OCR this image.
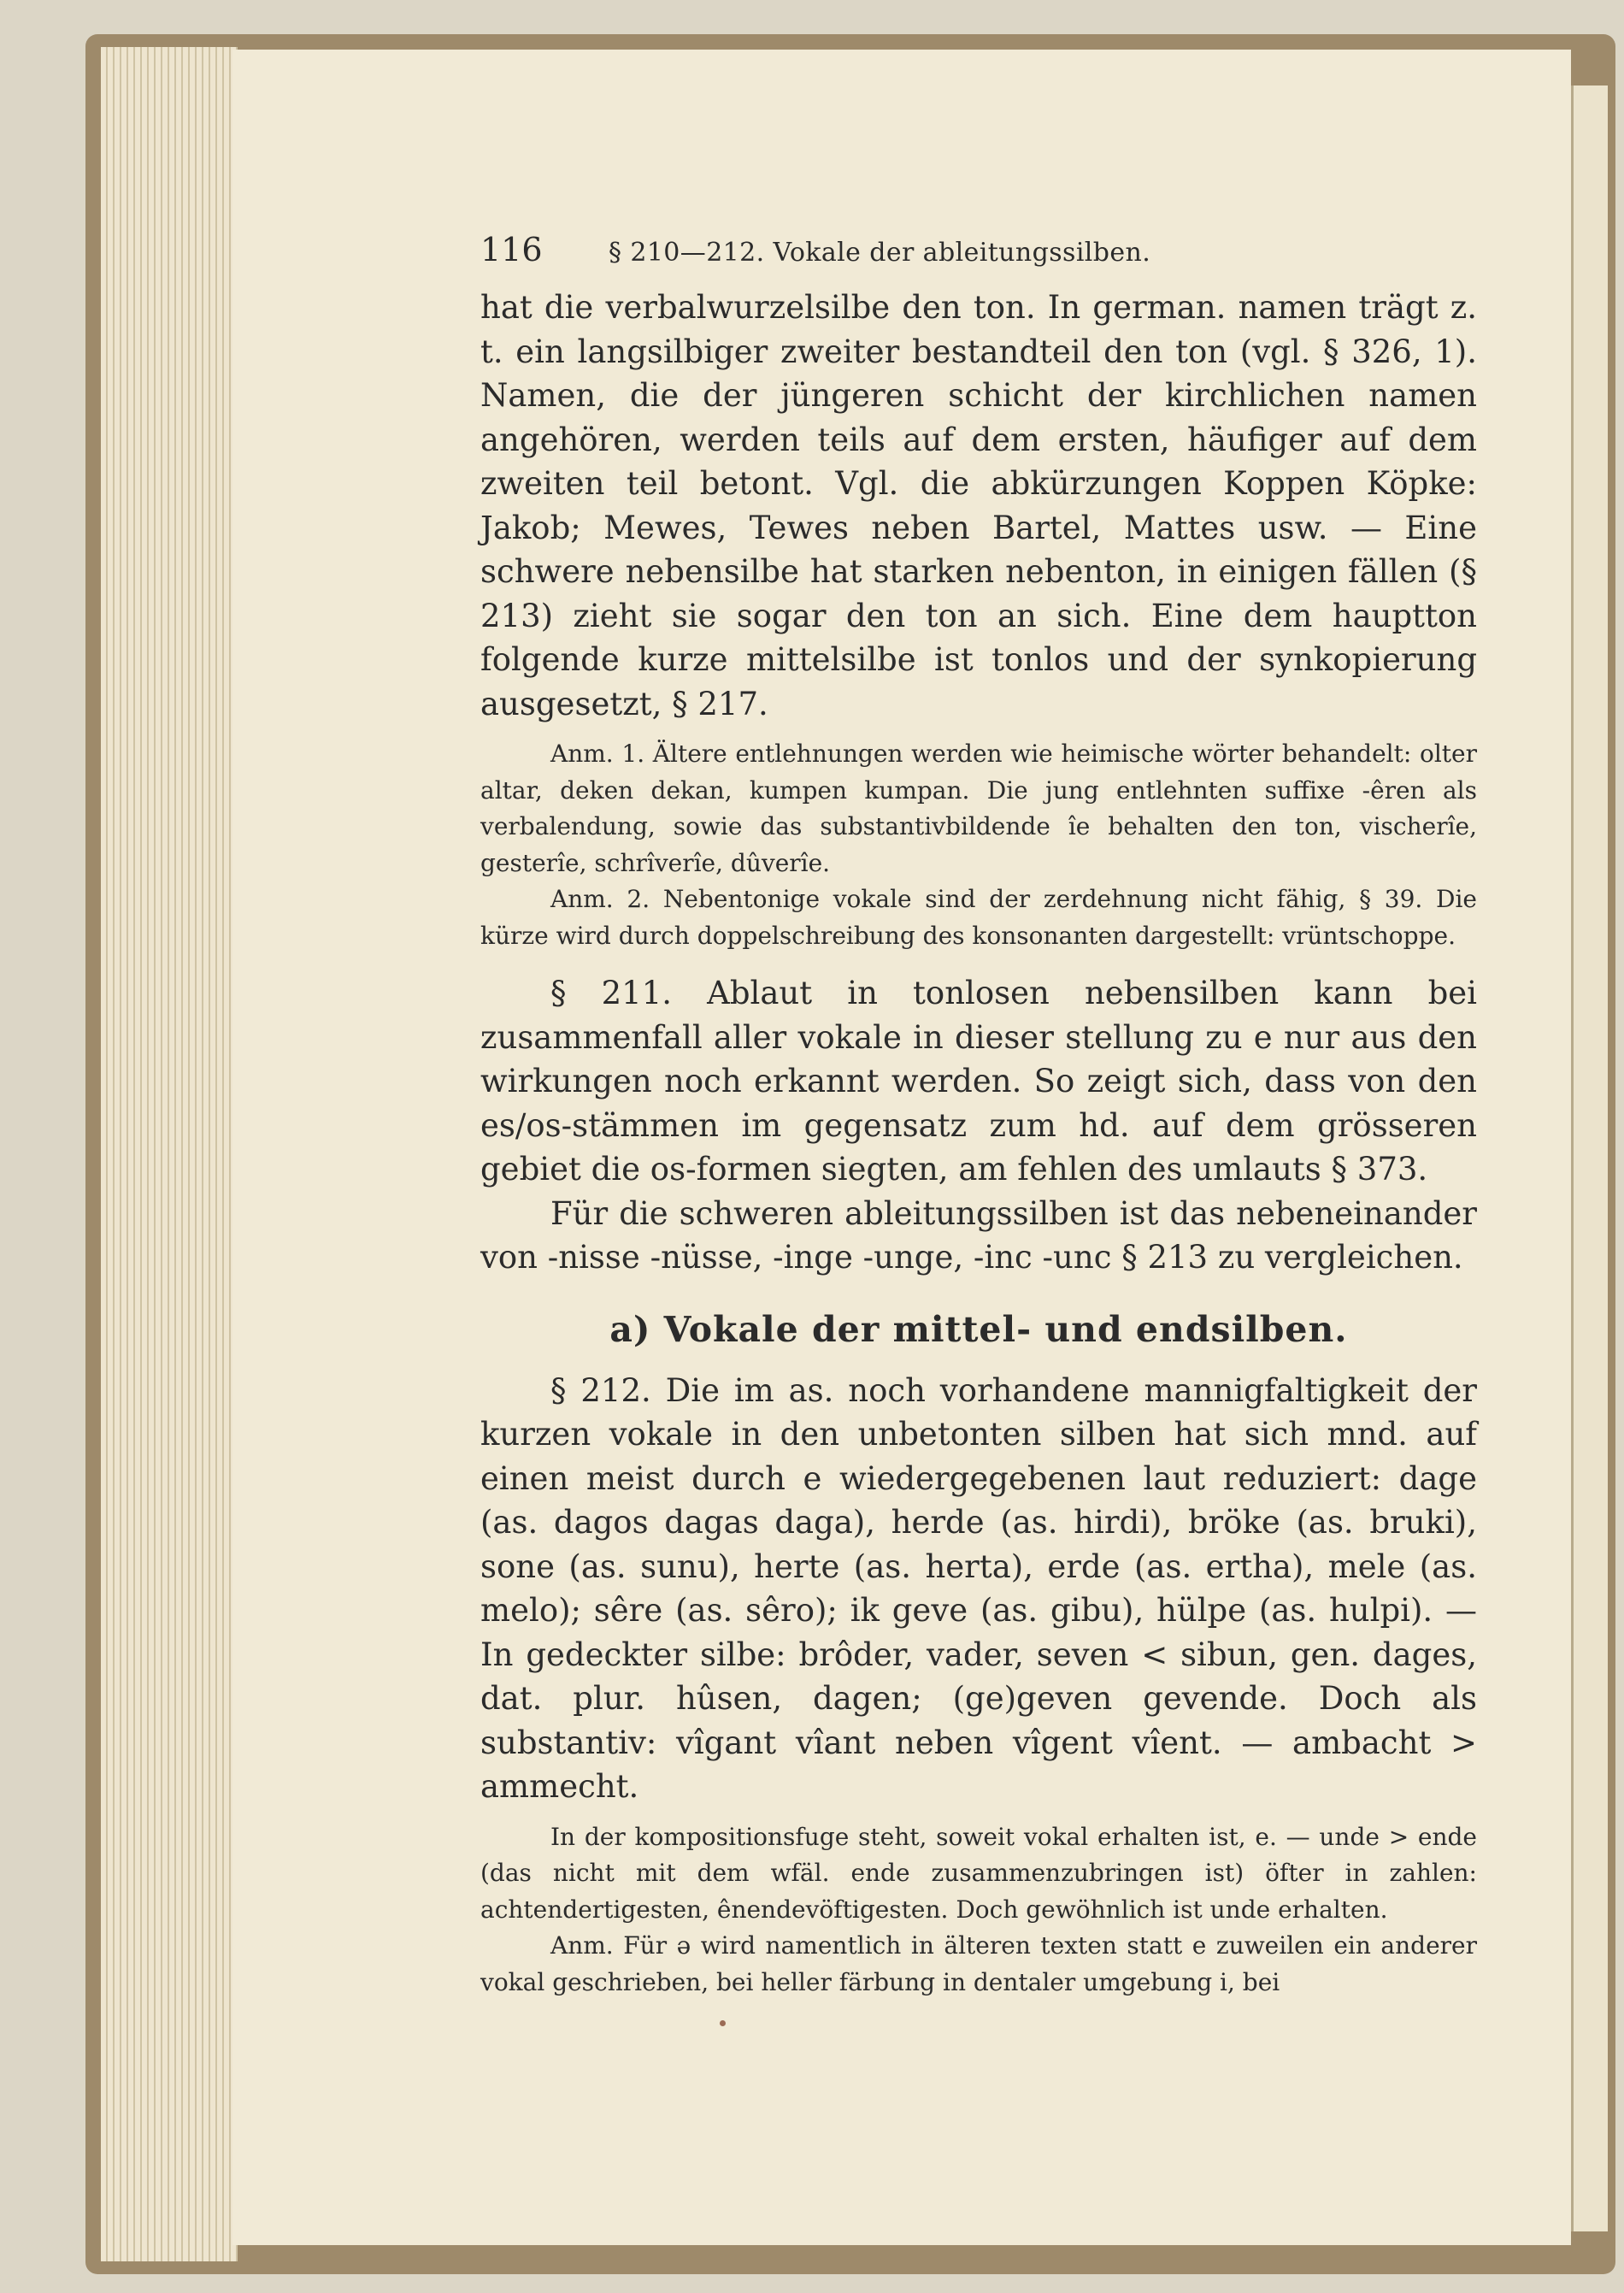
116	§ 210—212. Vokale der ableitungssilben.

hat die verbalwurzelsilbe den ton. In german. namen trägt z. t. ein langsilbiger zweiter bestandteil den ton (vgl. § 326, 1). Namen, die der jüngeren schicht der kirchlichen namen angehören, werden teils auf dem ersten, häufiger auf dem zweiten teil betont. Vgl. die abkürzungen Koppen Köpke: Jakob; Mewes, Tewes neben Bartel, Mattes usw. — Eine schwere nebensilbe hat starken nebenton, in einigen fällen (§ 213) zieht sie sogar den ton an sich. Eine dem hauptton folgende kurze mittelsilbe ist tonlos und der synkopierung ausgesetzt, § 217.

Anm. 1. Ältere entlehnungen werden wie heimische wörter behandelt: olter altar, deken dekan, kumpen kumpan. Die jung entlehnten suffixe -êren als verbalendung, sowie das substantivbildende îe behalten den ton, vischerîe, gesterîe, schrîverîe, dûverîe.

Anm. 2. Nebentonige vokale sind der zerdehnung nicht fähig, § 39. Die kürze wird durch doppelschreibung des konsonanten dargestellt: vrüntschoppe.

§ 211. Ablaut in tonlosen nebensilben kann bei zusammenfall aller vokale in dieser stellung zu e nur aus den wirkungen noch erkannt werden. So zeigt sich, dass von den es/os-stämmen im gegensatz zum hd. auf dem grösseren gebiet die os-formen siegten, am fehlen des umlauts § 373.

Für die schweren ableitungssilben ist das nebeneinander von -nisse -nüsse, -inge -unge, -inc -unc § 213 zu vergleichen.

a) Vokale der mittel- und endsilben.

§ 212. Die im as. noch vorhandene mannigfaltigkeit der kurzen vokale in den unbetonten silben hat sich mnd. auf einen meist durch e wiedergegebenen laut reduziert: dage (as. dagos dagas daga), herde (as. hirdi), bröke (as. bruki), sone (as. sunu), herte (as. herta), erde (as. ertha), mele (as. melo); sêre (as. sêro); ik geve (as. gibu), hülpe (as. hulpi). — In gedeckter silbe: brôder, vader, seven < sibun, gen. dages, dat. plur. hûsen, dagen; (ge)geven gevende. Doch als substantiv: vîgant vîant neben vîgent vîent. — ambacht > ammecht.

In der kompositionsfuge steht, soweit vokal erhalten ist, e. — unde > ende (das nicht mit dem wfäl. ende zusammenzubringen ist) öfter in zahlen: achtendertigesten, ênendevöftigesten. Doch gewöhnlich ist unde erhalten.

Anm. Für ə wird namentlich in älteren texten statt e zuweilen ein anderer vokal geschrieben, bei heller färbung in dentaler umgebung i, bei
